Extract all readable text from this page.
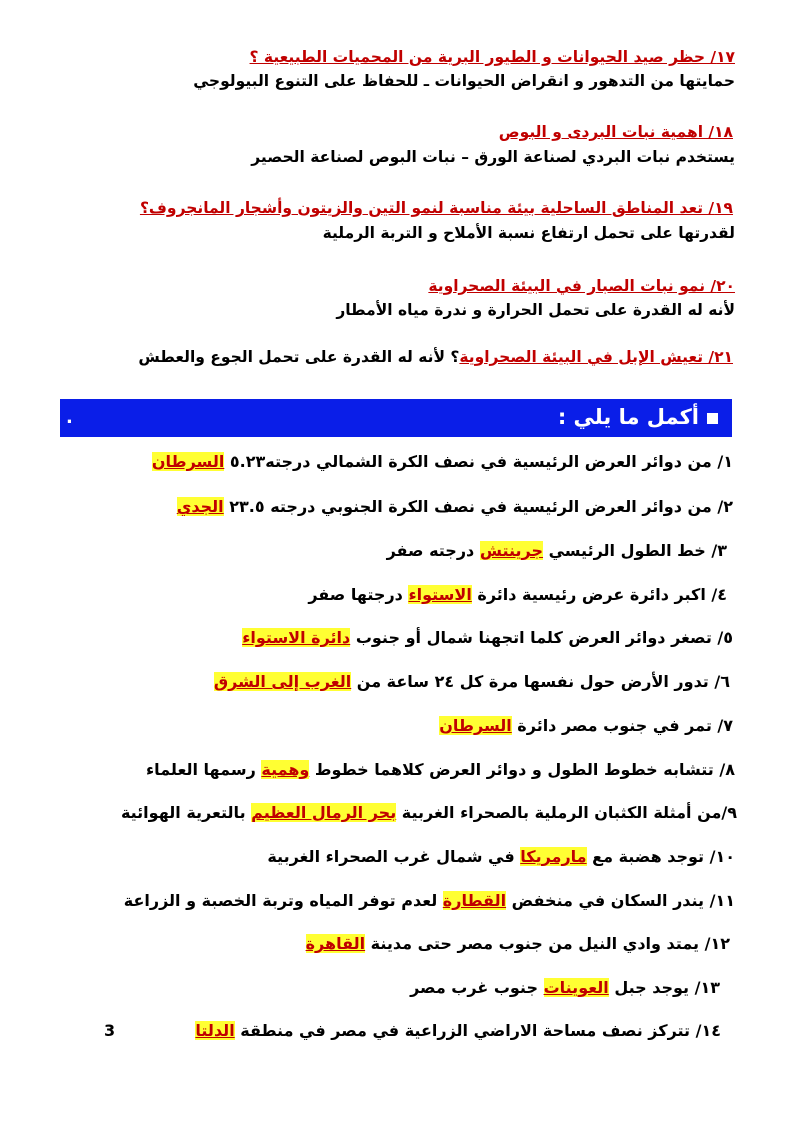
١٧/ حظر صيد الحيوانات و الطيور البرية من المحميات الطبيعية ؟
حمايتها من التدهور و انقراض الحيوانات ـ للحفاظ على التنوع البيولوجي
١٨/ اهمية نبات البردى و البوص
يستخدم نبات البردي لصناعة الورق – نبات البوص لصناعة الحصير
١٩/ تعد المناطق الساحلية بيئة مناسبة لنمو التين والزيتون وأشجار المانجروف؟
لقدرتها على تحمل ارتفاع نسبة الأملاح و التربة الرملية
٢٠/ نمو نبات الصبار في البيئة الصحراوية
لأنه له القدرة على تحمل الحرارة و ندرة مياه الأمطار
٢١/ تعيش الإبل في البيئة الصحراوية؟ لأنه له القدرة على تحمل الجوع والعطش
أكمل ما يلي :
.
١/ من دوائر العرض الرئيسية في نصف الكرة الشمالي درجته٥.٢٣ السرطان
٢/ من دوائر العرض الرئيسية في نصف الكرة الجنوبي درجته ٢٣.٥ الجدي
٣/ خط الطول الرئيسي جرينتش درجته صفر
٤/ اكبر دائرة عرض رئيسية دائرة الاستواء درجتها صفر
٥/ تصغر دوائر العرض كلما اتجهنا شمال أو جنوب دائرة الاستواء
٦/ تدور الأرض حول نفسها مرة كل ٢٤ ساعة من الغرب إلى الشرق
٧/ تمر في جنوب مصر دائرة السرطان
٨/ تتشابه خطوط الطول و دوائر العرض كلاهما خطوط وهمية رسمها العلماء
٩/من أمثلة الكثبان الرملية بالصحراء الغربية بحر الرمال العظيم بالتعرية الهوائية
١٠/ توجد هضبة مع مارمريكا في شمال غرب الصحراء الغربية
١١/ يندر السكان في منخفض القطارة لعدم توفر المياه وتربة الخصبة و الزراعة
١٢/ يمتد وادي النيل من جنوب مصر حتى مدينة القاهرة
١٣/ يوجد جبل العوينات جنوب غرب مصر
١٤/ تتركز نصف مساحة الاراضي الزراعية في مصر في منطقة الدلتا
3
